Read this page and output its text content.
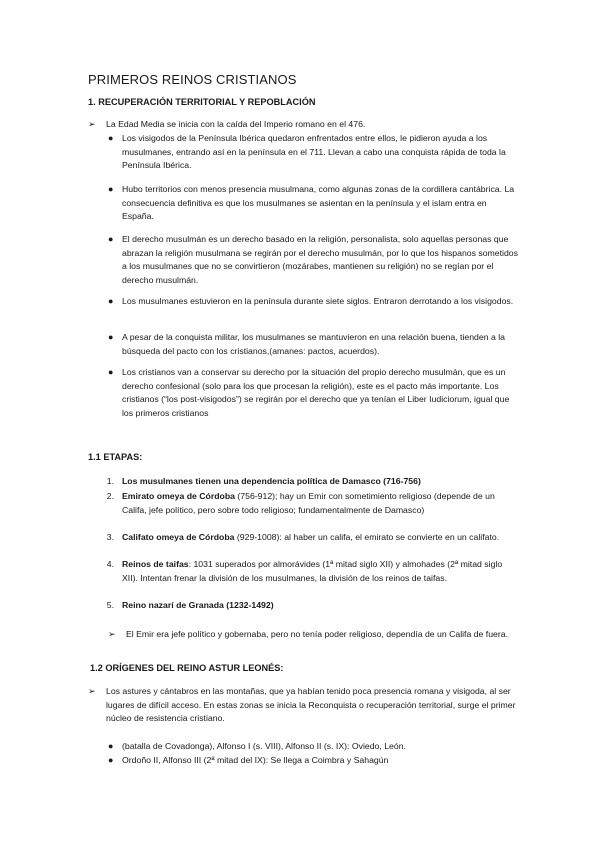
PRIMEROS REINOS CRISTIANOS
1. RECUPERACIÓN TERRITORIAL Y REPOBLACIÓN
➢ La Edad Media se inicia con la caída del Imperio romano en el 476.
● Los visigodos de la Península Ibérica quedaron enfrentados entre ellos, le pidieron ayuda a los musulmanes, entrando así en la península en el 711. Llevan a cabo una conquista rápida de toda la Península Ibérica.
● Hubo territorios con menos presencia musulmana, como algunas zonas de la cordillera cantábrica. La consecuencia definitiva es que los musulmanes se asientan en la península y el islam entra en España.
● El derecho musulmán es un derecho basado en la religión, personalista, solo aquellas personas que abrazan la religión musulmana se regirán por el derecho musulmán, por lo que los hispanos sometidos a los musulmanes que no se convirtieron (mozárabes, mantienen su religión) no se regían por el derecho musulmán.
● Los musulmanes estuvieron en la península durante siete siglos. Entraron derrotando a los visigodos.
● A pesar de la conquista militar, los musulmanes se mantuvieron en una relación buena, tienden a la búsqueda del pacto con los cristianos,(amanes: pactos, acuerdos).
● Los cristianos van a conservar su derecho por la situación del propio derecho musulmán, que es un derecho confesional (solo para los que procesan la religión), este es el pacto más importante. Los cristianos (“los post-visigodos”) se regirán por el derecho que ya tenían el Liber Iudiciorum, igual que los primeros cristianos
1.1 ETAPAS:
1. Los musulmanes tienen una dependencia política de Damasco (716-756)
2. Emirato omeya de Córdoba (756-912); hay un Emir con sometimiento religioso (depende de un Califa, jefe político, pero sobre todo religioso; fundamentalmente de Damasco)
3. Califato omeya de Córdoba (929-1008): al haber un califa, el emirato se convierte en un califato.
4. Reinos de taifas: 1031 superados por almorávides (1ª mitad siglo XII) y almohades (2ª mitad siglo XII). Intentan frenar la división de los musulmanes, la división de los reinos de taifas.
5. Reino nazarí de Granada (1232-1492)
➢ El Emir era jefe político y gobernaba, pero no tenía poder religioso, dependía de un Califa de fuera.
1.2 ORÍGENES DEL REINO ASTUR LEONÉS:
➢ Los astures y cántabros en las montañas, que ya habían tenido poca presencia romana y visigoda, al ser lugares de difícil acceso. En estas zonas se inicia la Reconquista o recuperación territorial, surge el primer núcleo de resistencia cristiano.
● (batalla de Covadonga), Alfonso I (s. VIII), Alfonso II (s. IX): Oviedo, León.
● Ordoño II, Alfonso III (2ª mitad del IX): Se llega a Coimbra y Sahagún
